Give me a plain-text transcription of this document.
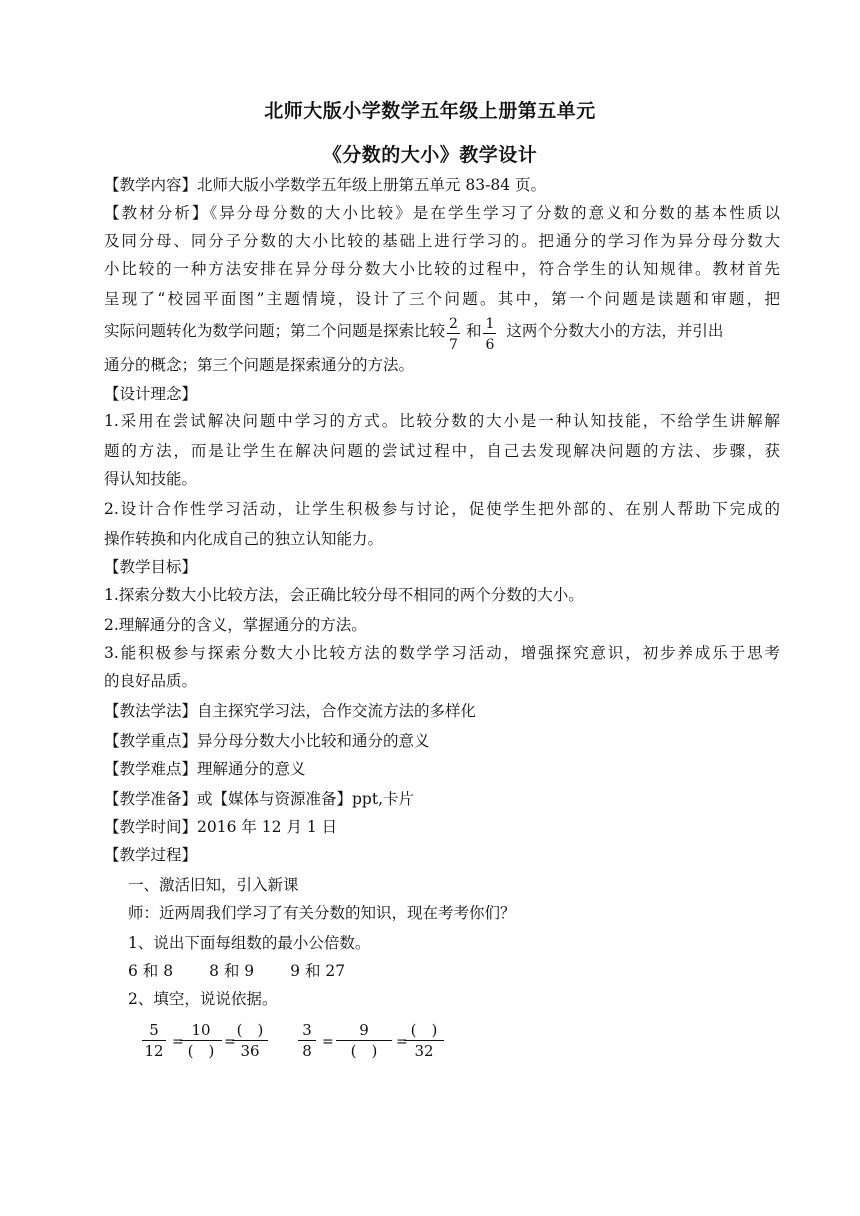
北师大版小学数学五年级上册第五单元
《分数的大小》教学设计
【教学内容】北师大版小学数学五年级上册第五单元 83-84 页。
【教材分析】《异分母分数的大小比较》是在学生学习了分数的意义和分数的基本性质以
及同分母、同分子分数的大小比较的基础上进行学习的。把通分的学习作为异分母分数大
小比较的一种方法安排在异分母分数大小比较的过程中，符合学生的认知规律。教材首先
呈现了“校园平面图”主题情境，设计了三个问题。其中，第一个问题是读题和审题，把
实际问题转化为数学问题；第二个问题是探索比较 $\frac{2}{7}$ 和 $\frac{1}{6}$ 这两个分数大小的方法，并引出
通分的概念；第三个问题是探索通分的方法。
【设计理念】
1.采用在尝试解决问题中学习的方式。比较分数的大小是一种认知技能，不给学生讲解解
题的方法，而是让学生在解决问题的尝试过程中，自己去发现解决问题的方法、步骤，获
得认知技能。
2.设计合作性学习活动，让学生积极参与讨论，促使学生把外部的、在别人帮助下完成的
操作转换和内化成自己的独立认知能力。
【教学目标】
1.探索分数大小比较方法，会正确比较分母不相同的两个分数的大小。
2.理解通分的含义，掌握通分的方法。
3.能积极参与探索分数大小比较方法的数学学习活动，增强探究意识，初步养成乐于思考
的良好品质。
【教法学法】自主探究学习法，合作交流方法的多样化
【教学重点】异分母分数大小比较和通分的意义
【教学难点】理解通分的意义
【教学准备】或【媒体与资源准备】ppt,卡片
【教学时间】2016 年 12 月 1 日
【教学过程】
一、激活旧知，引入新课
师：近两周我们学习了有关分数的知识，现在考考你们？
1、说出下面每组数的最小公倍数。
6 和 8 8 和 9 9 和 27
2、填空，说说依据。
5
12 =
10
(　) =
(　)
36
3
8 =
9
(　)	=
(　)
32
